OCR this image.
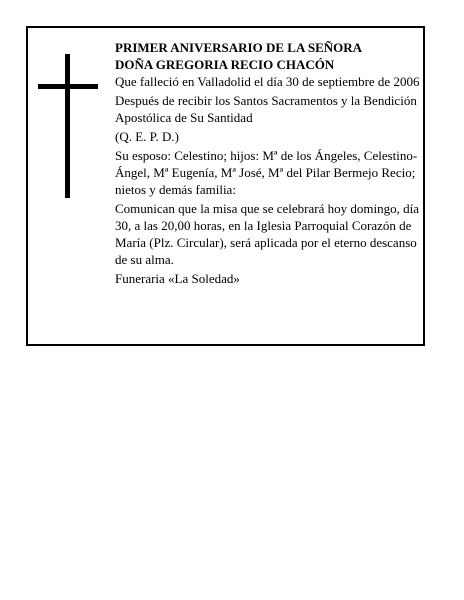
PRIMER ANIVERSARIO DE LA SEÑORA

DOÑA GREGORIA RECIO CHACÓN

Que falleció en Valladolid el día 30 de septiembre de 2006

Después de recibir los Santos Sacramentos y la Bendición Apostólica de Su Santidad

(Q. E. P. D.)

Su esposo: Celestino; hijos: Mª de los Ángeles, Celestino-Ángel, Mª Eugenía, Mª José, Mª del Pilar Bermejo Recio; nietos y demás familia:

Comunican que la misa que se celebrará hoy domingo, día 30, a las 20,00 horas, en la Iglesia Parroquial Corazón de María (Plz. Circular), será aplicada por el eterno descanso de su alma.

Funeraria «La Soledad»
